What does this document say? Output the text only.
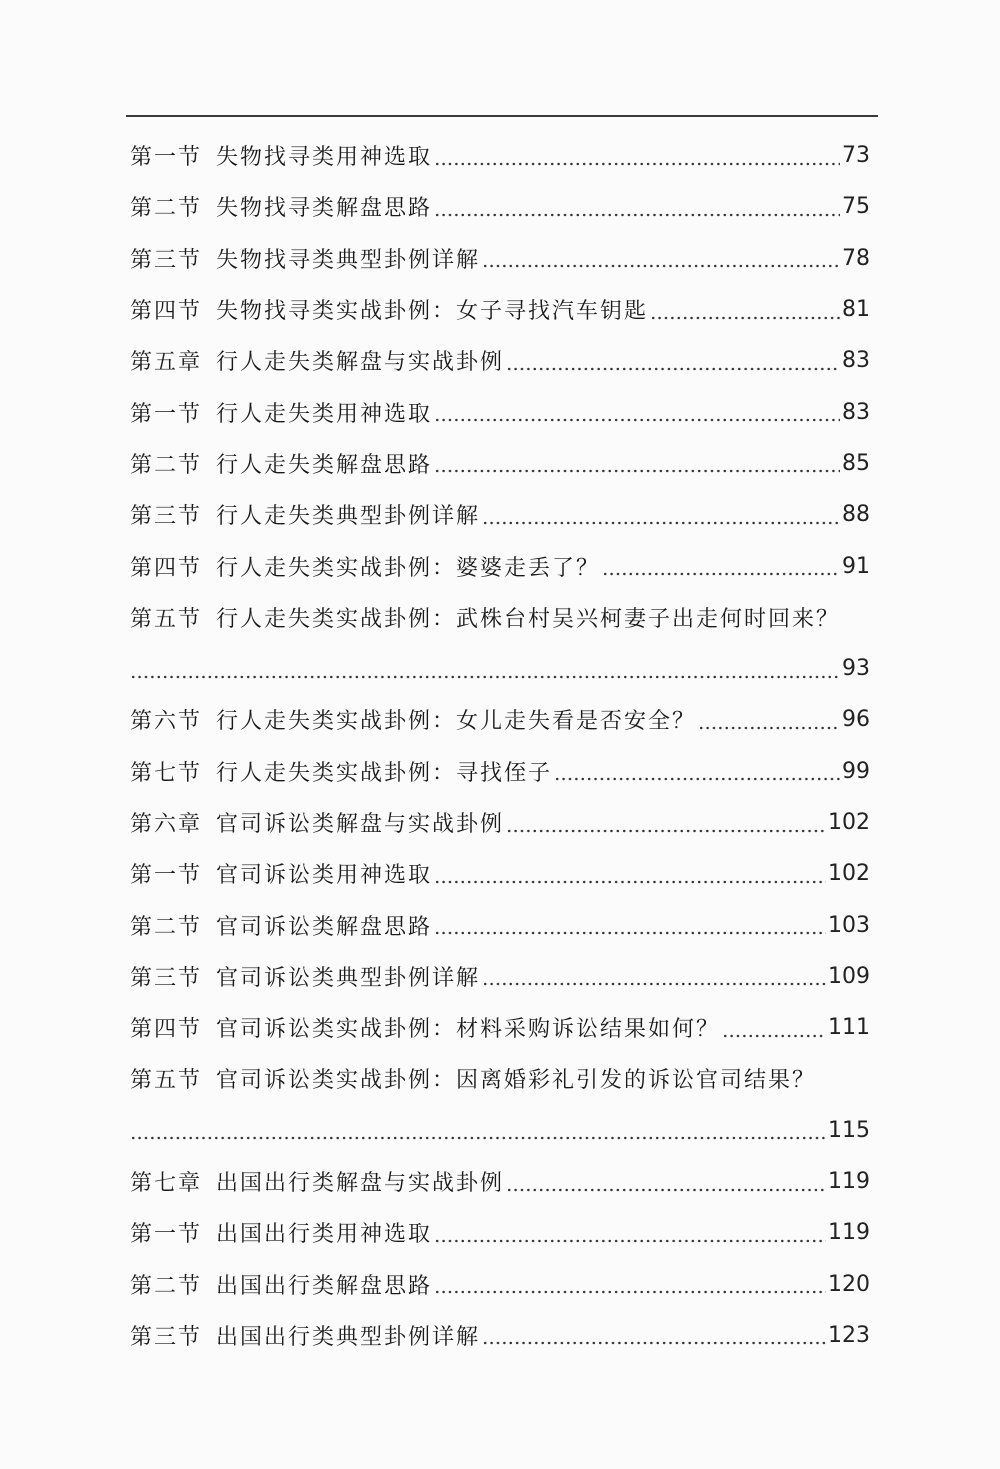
第一节 失物找寻类用神选取	73
第二节 失物找寻类解盘思路	75
第三节 失物找寻类典型卦例详解	78
第四节 失物找寻类实战卦例：女子寻找汽车钥匙	81
第五章 行人走失类解盘与实战卦例	83
第一节 行人走失类用神选取	83
第二节 行人走失类解盘思路	85
第三节 行人走失类典型卦例详解	88
第四节 行人走失类实战卦例：婆婆走丢了？	91
第五节 行人走失类实战卦例：武株台村吴兴柯妻子出走何时回来？
93
第六节 行人走失类实战卦例：女儿走失看是否安全？	96
第七节 行人走失类实战卦例：寻找侄子	99
第六章 官司诉讼类解盘与实战卦例	102
第一节 官司诉讼类用神选取	102
第二节 官司诉讼类解盘思路	103
第三节 官司诉讼类典型卦例详解	109
第四节 官司诉讼类实战卦例：材料采购诉讼结果如何？	111
第五节 官司诉讼类实战卦例：因离婚彩礼引发的诉讼官司结果？
115
第七章 出国出行类解盘与实战卦例	119
第一节 出国出行类用神选取	119
第二节 出国出行类解盘思路	120
第三节 出国出行类典型卦例详解	123
